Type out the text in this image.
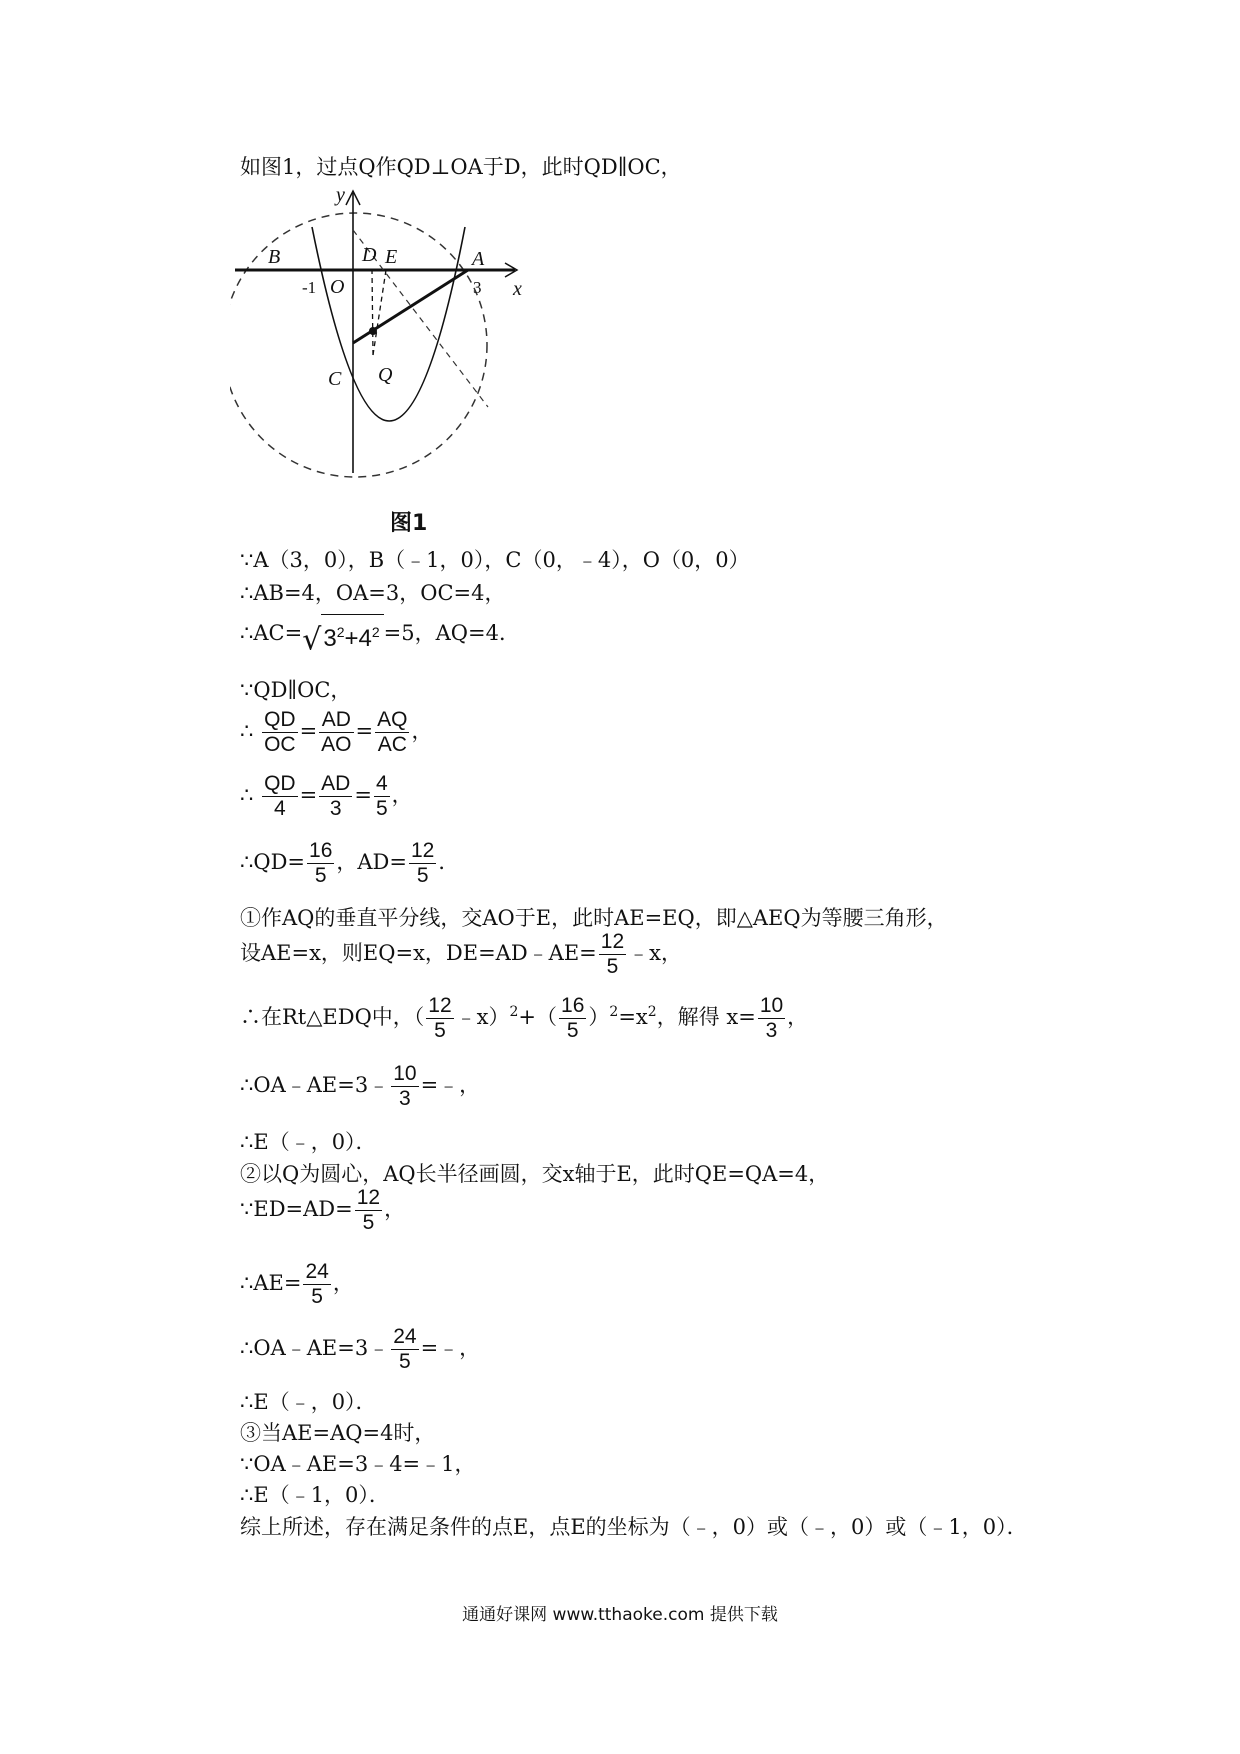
如图1，过点Q作QD⊥OA于D，此时QD∥OC，
y
x
B	D E	A
O
C Q
-1	3
图1
∵A（3，0），B（﹣1，0），C（0，﹣4），O（0，0）
∴AB=4，OA=3，OC=4，
$\therefore AC=√3^2+4^2 =5$，AQ=4．
∵QD∥OC，
∴ $\frac{QD}{OC} = \frac{AD}{AO} = \frac{AQ}{AC}$ ，
∴ $\frac{QD}{4} = \frac{AD}{3} = \frac{4}{5}$ ，
∴QD= $\frac{16}{5}$ ，$AD= \frac{12}{5}$ ．
①作AQ的垂直平分线，交AO于E，此时AE=EQ，即△AEQ为等腰三角形，
设AE=x，则EQ=x，DE=AD﹣AE= $\frac{12}{5}$ ﹣x，
∴在Rt△EDQ中，（ $\frac{12}{5}$ ﹣x）$^2$+（ $\frac{16}{5} )^2=x^2$，解得 $x= \frac{10}{3}$ ，
∴OA﹣AE=3﹣ $\frac{10}{3}$ =﹣，
∴E（﹣，0）．
②以Q为圆心，AQ长半径画圆，交x轴于E，此时QE=QA=4，
∵ED=AD= $\frac{12}{5}$ ，
∴AE= $\frac{24}{5}$ ，
∴OA﹣AE=3﹣ $\frac{24}{5}$ =﹣，
∴E（﹣，0）．
③当AE=AQ=4时，
∵OA﹣AE=3﹣4=﹣1，
∴E（﹣1，0）．
综上所述，存在满足条件的点E，点E的坐标为（﹣，0）或（﹣，0）或（﹣1，0）．
通通好课网 www.tthaoke.com 提供下载
